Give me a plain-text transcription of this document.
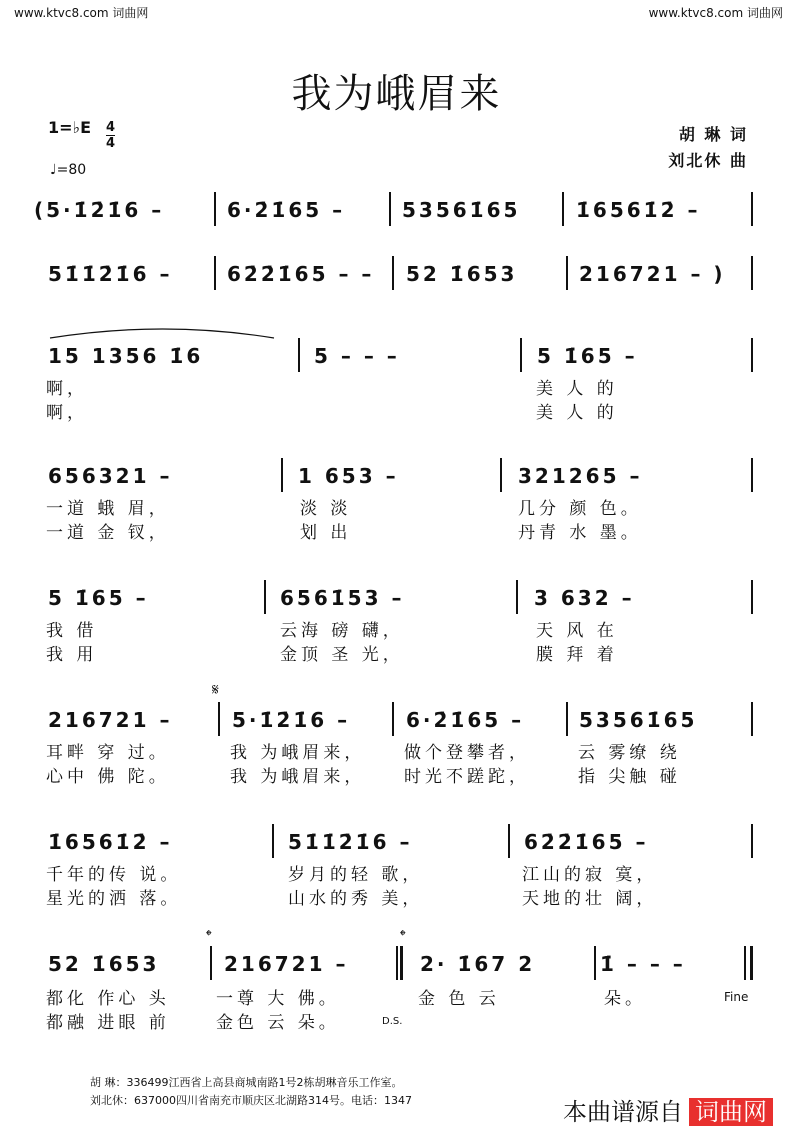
www.ktvc8.com 词曲网	www.ktvc8.com 词曲网
我为峨眉来
1=♭E 4
4
♩=80
胡 琳 词
刘北休 曲
(5·1̇2̇1̇6 –	6·2̇1̇65 –	53561̇65	1̇6561̇2̇ –
51̇1̇2̇1̇6 –	62̇2̇1̇65 – – 52 1̇653	216721 – )
15 1356 1̇6	5 – – –	5 1̇65 –
啊，	美 人 的
啊，	美 人 的
656321 –	1 653 –	321265 –
一道 蛾 眉，	淡 淡	几分 颜 色。
一道 金 钗，	划 出	丹青 水 墨。
5 1̇65 –	6561̇53 –	3 632 –
我 借	云海 磅 礴，	天 风 在
我 用	金顶 圣 光，	膜 拜 着
𝄋
216721 –	5·1̇2̇1̇6 –	6·2̇1̇65 –	53561̇65
耳畔 穿 过。	我 为峨眉来， 做个登攀者，	云 雾缭 绕
心中 佛 陀。	我 为峨眉来， 时光不蹉跎，	指 尖触 碰
1̇6561̇2̇ –	51̇1̇2̇1̇6 –	62̇2̇1̇65 –
千年的传 说。	岁月的轻 歌，	江山的寂 寞，
星光的洒 落。	山水的秀 美，	天地的壮 阔，
𝄌	𝄌
52 1̇653	216721 –	2· 1̇67 2	1̇ – – –
都化 作心 头	一尊 大 佛。	金 色 云	朵。
都融 进眼 前	金色 云 朵。
Fine
D.S.
胡 琳：336499江西省上高县商城南路1号2栋胡琳音乐工作室。
刘北休：637000四川省南充市顺庆区北湖路314号。电话：1347	本曲谱源自 词曲网
